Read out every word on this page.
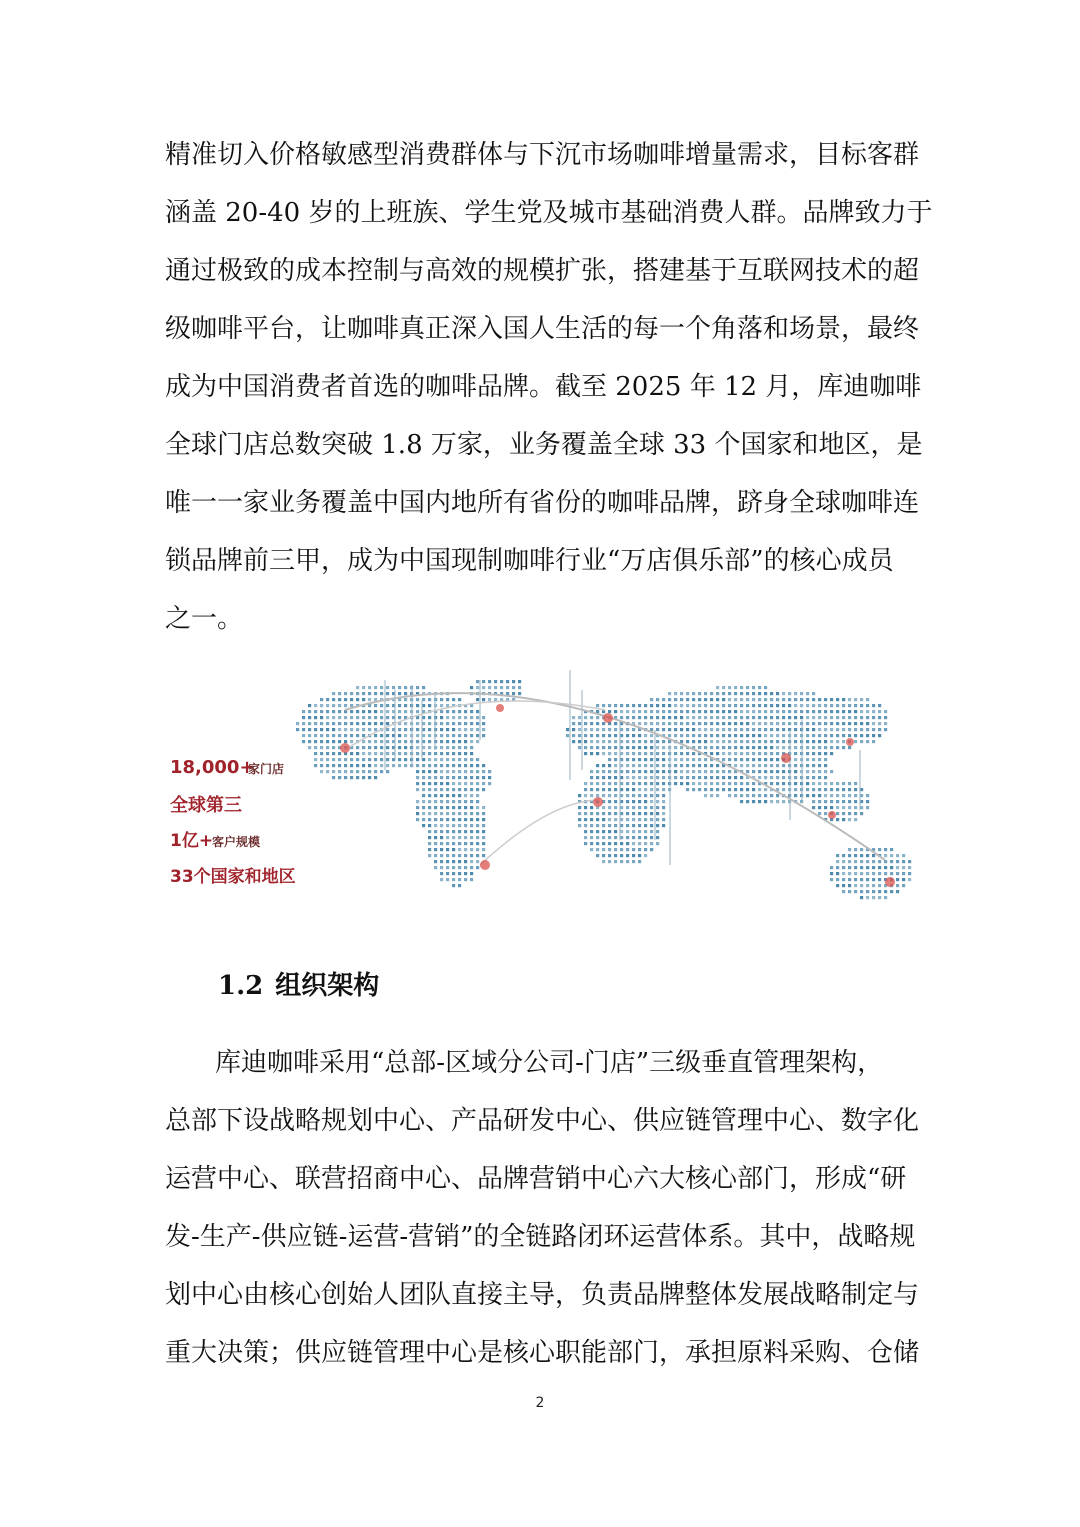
精准切入价格敏感型消费群体与下沉市场咖啡增量需求，目标客群
涵盖 20-40 岁的上班族、学生党及城市基础消费人群。品牌致力于
通过极致的成本控制与高效的规模扩张，搭建基于互联网技术的超
级咖啡平台，让咖啡真正深入国人生活的每一个角落和场景，最终
成为中国消费者首选的咖啡品牌。截至 2025 年 12 月，库迪咖啡
全球门店总数突破 1.8 万家，业务覆盖全球 33 个国家和地区，是
唯一一家业务覆盖中国内地所有省份的咖啡品牌，跻身全球咖啡连
锁品牌前三甲，成为中国现制咖啡行业“万店俱乐部”的核心成员
之一。
18,000+
家门店
全球第三
1亿+
客户规模
33个国家和地区
1.2 组织架构
库迪咖啡采用“总部-区域分公司-门店”三级垂直管理架构，
总部下设战略规划中心、产品研发中心、供应链管理中心、数字化
运营中心、联营招商中心、品牌营销中心六大核心部门，形成“研
发-生产-供应链-运营-营销”的全链路闭环运营体系。其中，战略规
划中心由核心创始人团队直接主导，负责品牌整体发展战略制定与
重大决策；供应链管理中心是核心职能部门，承担原料采购、仓储
2
